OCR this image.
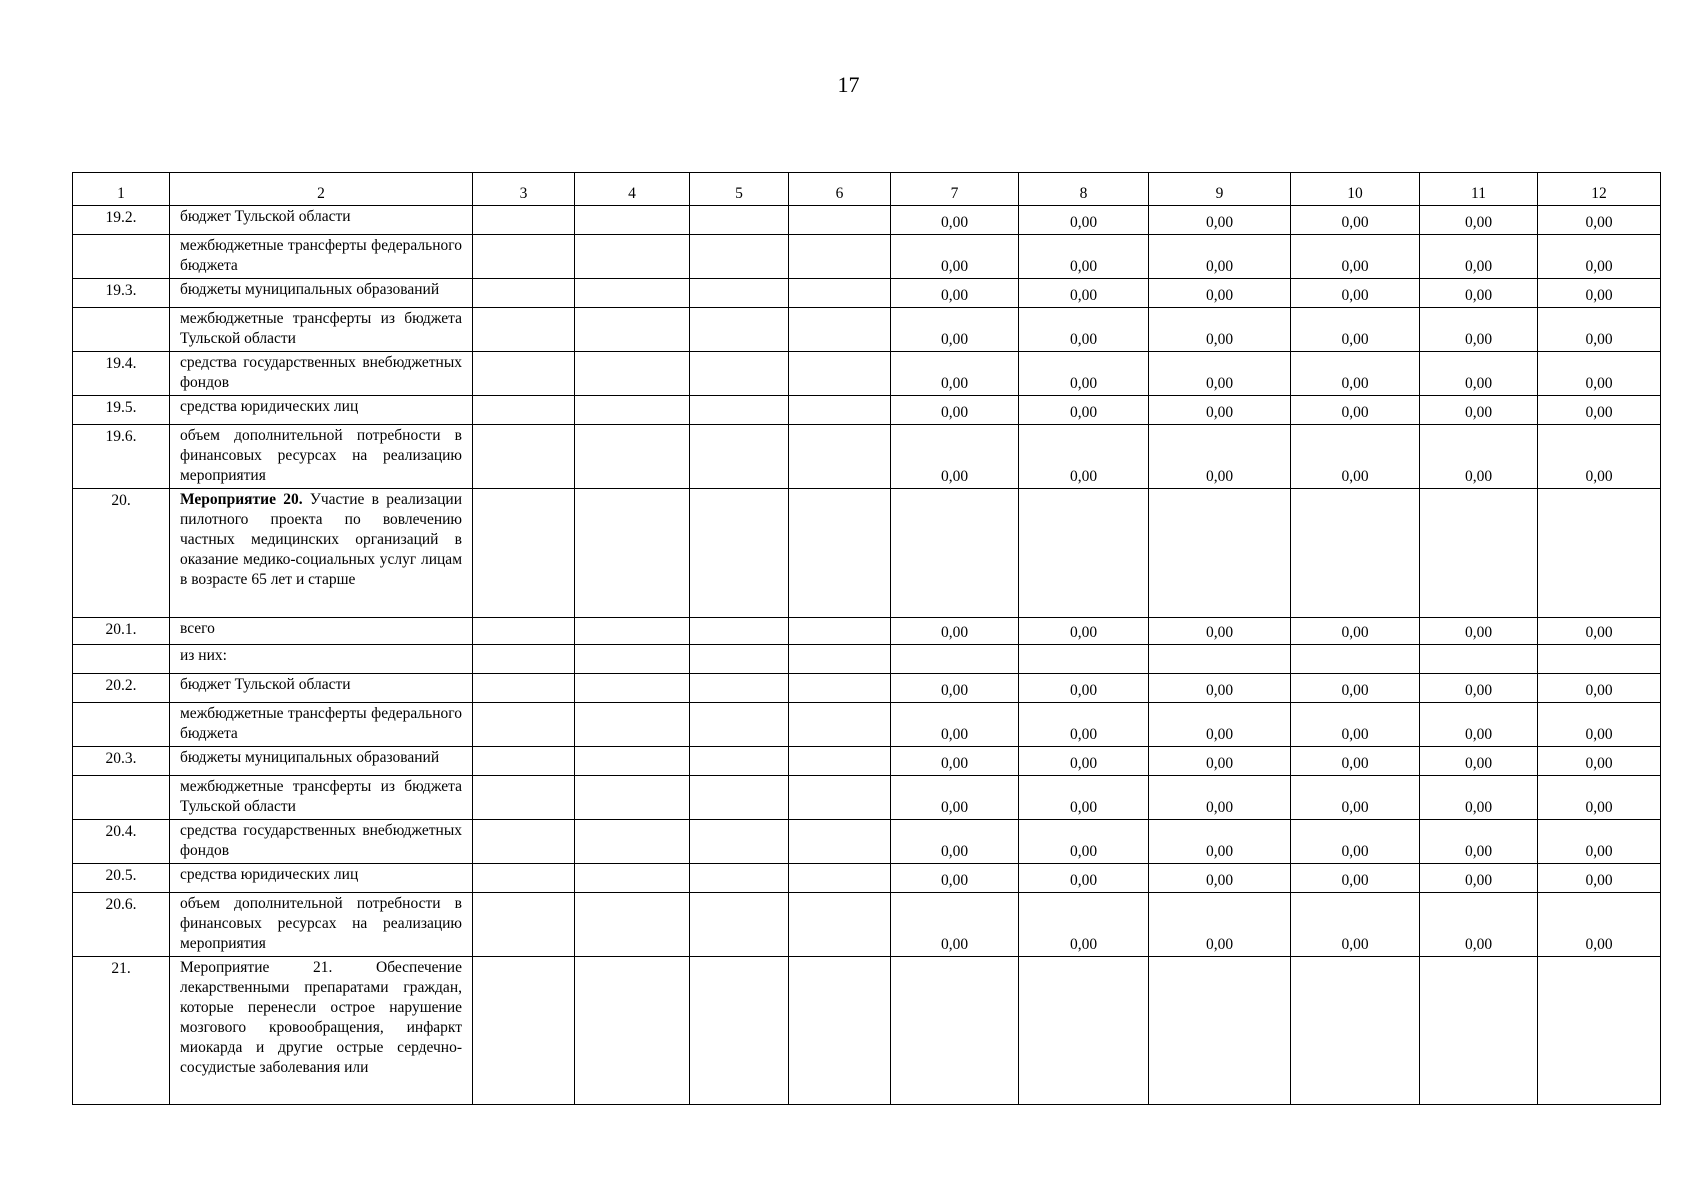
17
1	2	3	4	5	6	7	8	9	10	11	12
19.2.	бюджет Тульской области					0,00	0,00	0,00	0,00	0,00	0,00

	межбюджетные трансферты федерального бюджета					0,00	0,00	0,00	0,00	0,00	0,00
19.3.	бюджеты муниципальных образований					0,00	0,00	0,00	0,00	0,00	0,00

	межбюджетные трансферты из бюджета Тульской области					0,00	0,00	0,00	0,00	0,00	0,00
19.4.	средства государственных внебюджетных фондов					0,00	0,00	0,00	0,00	0,00	0,00
19.5.	средства юридических лиц					0,00	0,00	0,00	0,00	0,00	0,00
19.6.	объем дополнительной потребности в финансовых ресурсах на реализацию мероприятия					0,00	0,00	0,00	0,00	0,00	0,00
20.	Мероприятие 20. Участие в реализации пилотного проекта по вовлечению частных медицинских организаций в оказание медико-социальных услуг лицам в возрасте 65 лет и старше										

20.1.	всего					0,00	0,00	0,00	0,00	0,00	0,00

	из них:										

20.2.	бюджет Тульской области					0,00	0,00	0,00	0,00	0,00	0,00

	межбюджетные трансферты федерального бюджета					0,00	0,00	0,00	0,00	0,00	0,00
20.3.	бюджеты муниципальных образований					0,00	0,00	0,00	0,00	0,00	0,00

	межбюджетные трансферты из бюджета Тульской области					0,00	0,00	0,00	0,00	0,00	0,00
20.4.	средства государственных внебюджетных фондов					0,00	0,00	0,00	0,00	0,00	0,00
20.5.	средства юридических лиц					0,00	0,00	0,00	0,00	0,00	0,00
20.6.	объем дополнительной потребности в финансовых ресурсах на реализацию мероприятия					0,00	0,00	0,00	0,00	0,00	0,00
21.	Мероприятие 21. Обеспечение лекарственными препаратами граждан, которые перенесли острое нарушение мозгового кровообращения, инфаркт миокарда и другие острые сердечно-сосудистые заболевания или										
